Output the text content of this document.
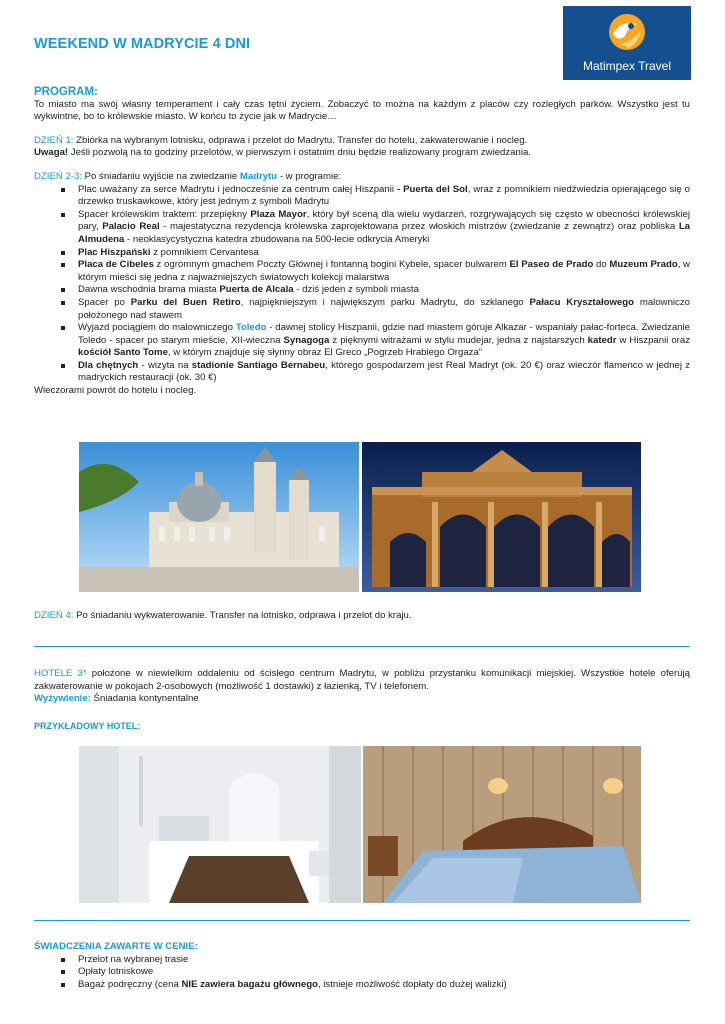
WEEKEND W MADRYCIE 4 DNI
Matimpex Travel
PROGRAM:

To miasto ma swój własny temperament i cały czas tętni życiem. Zobaczyć to można na każdym z placów czy rozległych parków. Wszystko jest tu wykwintne, bo to królewskie miasto. W końcu to życie jak w Madrycie…

DZIEŃ 1: Zbiórka na wybranym lotnisku, odprawa i przelot do Madrytu. Transfer do hotelu, zakwaterowanie i nocleg.

Uwaga! Jeśli pozwolą na to godziny przelotów, w pierwszym i ostatnim dniu będzie realizowany program zwiedzania.

DZIEŃ 2-3: Po śniadaniu wyjście na zwiedzanie Madrytu - w programie:

Plac uważany za serce Madrytu i jednocześnie za centrum całej Hiszpanii - Puerta del Sol, wraz z pomnikiem niedźwiedzia opierającego się o drzewko truskawkowe, który jest jednym z symboli Madrytu
Spacer królewskim traktem: przepiękny Plaza Mayor, który był sceną dla wielu wydarzeń, rozgrywających się często w obecności królewskiej pary, Palacio Real - majestatyczna rezydencja królewska zaprojektowana przez włoskich mistrzów (zwiedzanie z zewnątrz) oraz pobliska La Almudena - neoklasycystyczna katedra zbudowana na 500-lecie odkrycia Ameryki
Plac Hiszpański z pomnikiem Cervantesa
Placa de Cibeles z ogromnym gmachem Poczty Głównej i fontanną bogini Kybele, spacer bulwarem El Paseo de Prado do Muzeum Prado, w którym mieści się jedna z najważniejszych światowych kolekcji malarstwa
Dawna wschodnia brama miasta Puerta de Alcala - dziś jeden z symboli miasta
Spacer po Parku del Buen Retiro, najpiękniejszym i największym parku Madrytu, do szklanego Pałacu Kryształowego malowniczo położonego nad stawem
Wyjazd pociągiem do malowniczego Toledo - dawnej stolicy Hiszpanii, gdzie nad miastem góruje Alkazar - wspaniały pałac-forteca. Zwiedzanie Toledo - spacer po starym mieście, XII-wieczna Synagoga z pięknymi witrażami w stylu mudejar, jedna z najstarszych katedr w Hiszpanii oraz kościół Santo Tome, w którym znajduje się słynny obraz El Greco „Pogrzeb Hrabiego Orgaza”
Dla chętnych - wizyta na stadionie Santiago Bernabeu, którego gospodarzem jest Real Madryt (ok. 20 €) oraz wieczór flamenco w jednej z madryckich restauracji (ok. 30 €)

Wieczorami powrót do hotelu i nocleg.

DZIEŃ 4: Po śniadaniu wykwaterowanie. Transfer na lotnisko, odprawa i przelot do kraju.

HOTELE 3* położone w niewielkim oddaleniu od ścisłego centrum Madrytu, w pobliżu przystanku komunikacji miejskiej. Wszystkie hotele oferują zakwaterowanie w pokojach 2-osobowych (możliwość 1 dostawki) z łazienką, TV i telefonem.

Wyżywienie: Śniadania kontynentalne

PRZYKŁADOWY HOTEL:
ŚWIADCZENIA ZAWARTE W CENIE:
Przelot na wybranej trasie
Opłaty lotniskowe
Bagaż podręczny (cena NIE zawiera bagażu głównego, istnieje możliwość dopłaty do dużej walizki)
